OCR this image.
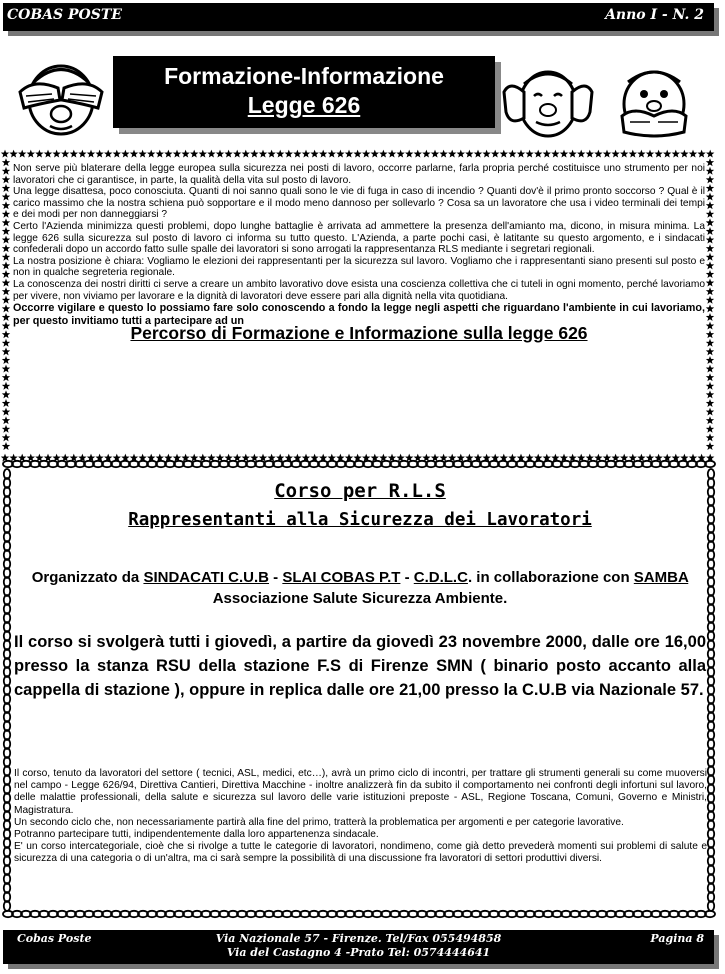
COBAS POSTE	Anno I - N. 2
Formazione-Informazione
Legge 626

Non serve più blaterare della legge europea sulla sicurezza nei posti di lavoro, occorre parlarne, farla propria perché costituisce uno strumento per noi lavoratori che ci garantisce, in parte, la qualità della vita sul posto di lavoro.

Una legge disattesa, poco conosciuta. Quanti di noi sanno quali sono le vie di fuga in caso di incendio ? Quanti dov'è il primo pronto soccorso ? Qual è il carico massimo che la nostra schiena può sopportare e il modo meno dannoso per sollevarlo ? Cosa sa un lavoratore che usa i video terminali dei tempi e dei modi per non danneggiarsi ?

Certo l'Azienda minimizza questi problemi, dopo lunghe battaglie è arrivata ad ammettere la presenza dell'amianto ma, dicono, in misura minima. La legge 626 sulla sicurezza sul posto di lavoro ci informa su tutto questo. L'Azienda, a parte pochi casi, è latitante su questo argomento, e i sindacati confederali dopo un accordo fatto sulle spalle dei lavoratori si sono arrogati la rappresentanza RLS mediante i segretari regionali.

La nostra posizione è chiara: Vogliamo le elezioni dei rappresentanti per la sicurezza sul lavoro. Vogliamo che i rappresentanti siano presenti sul posto e non in qualche segreteria regionale.

La conoscenza dei nostri diritti ci serve a creare un ambito lavorativo dove esista una coscienza collettiva che ci tuteli in ogni momento, perché lavoriamo per vivere, non viviamo per lavorare e la dignità di lavoratori deve essere pari alla dignità nella vita quotidiana.

Occorre vigilare e questo lo possiamo fare solo conoscendo a fondo la legge negli aspetti che riguardano l'ambiente in cui lavoriamo, per questo invitiamo tutti a partecipare ad un

Percorso di Formazione e Informazione sulla legge 626

Corso per R.L.S
Rappresentanti alla Sicurezza dei Lavoratori
Organizzato da SINDACATI C.U.B - SLAI COBAS P.T - C.D.L.C. in collaborazione con SAMBA Associazione Salute Sicurezza Ambiente.
Il corso si svolgerà tutti i giovedì, a partire da giovedì 23 novembre 2000, dalle ore 16,00 presso la stanza RSU della stazione F.S di Firenze SMN ( binario posto accanto alla cappella di stazione ), oppure in replica dalle ore 21,00 presso la C.U.B via Nazionale 57.

Il corso, tenuto da lavoratori del settore ( tecnici, ASL, medici, etc…), avrà un primo ciclo di incontri, per trattare gli strumenti generali su come muoversi nel campo - Legge 626/94, Direttiva Cantieri, Direttiva Macchine - inoltre analizzerà fin da subito il comportamento nei confronti degli infortuni sul lavoro, delle malattie professionali, della salute e sicurezza sul lavoro delle varie istituzioni preposte - ASL, Regione Toscana, Comuni, Governo e Ministri, Magistratura.

Un secondo ciclo che, non necessariamente partirà alla fine del primo, tratterà la problematica per argomenti e per categorie lavorative.

Potranno partecipare tutti, indipendentemente dalla loro appartenenza sindacale.

E' un corso intercategoriale, cioè che si rivolge a tutte le categorie di lavoratori, nondimeno, come già detto prevederà momenti sui problemi di salute e sicurezza di una categoria o di un'altra, ma ci sarà sempre la possibilità di una discussione fra lavoratori di settori produttivi diversi.

Cobas Poste	Via Nazionale 57 - Firenze. Tel/Fax 055494858
Via del Castagno 4 -Prato Tel: 0574444641
Pagina 8
